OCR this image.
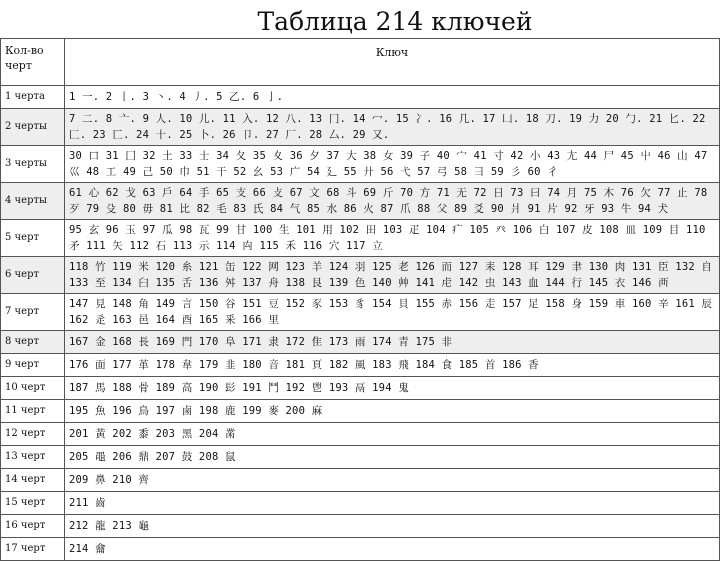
Таблица 214 ключей
Кол-во черт	Ключ
1 черта	1 一. 2 丨. 3 丶. 4 丿. 5 乙. 6 亅.
2 черты	7 二. 8 亠. 9 人. 10 儿. 11 入. 12 八. 13 冂. 14 冖. 15 冫. 16 几. 17 凵. 18 刀. 19 力 20 勹. 21 匕. 22 匚. 23 匸. 24 十. 25 卜. 26 卩. 27 厂. 28 厶. 29 又.
3 черты	30 口 31 囗 32 土 33 士 34 夂 35 夊 36 夕 37 大 38 女 39 子 40 宀 41 寸 42 小 43 尢 44 尸 45 屮 46 山 47 巛 48 工 49 己 50 巾 51 干 52 幺 53 广 54 廴 55 廾 56 弋 57 弓 58 彐 59 彡 60 彳
4 черты	61 心 62 戈 63 戶 64 手 65 支 66 攴 67 文 68 斗 69 斤 70 方 71 无 72 日 73 曰 74 月 75 木 76 欠 77 止 78 歹 79 殳 80 毋 81 比 82 毛 83 氏 84 气 85 水 86 火 87 爪 88 父 89 爻 90 爿 91 片 92 牙 93 牛 94 犬
5 черт	95 玄 96 玉 97 瓜 98 瓦 99 甘 100 生 101 用 102 田 103 疋 104 疒 105 癶 106 白 107 皮 108 皿 109 目 110 矛 111 矢 112 石 113 示 114 禸 115 禾 116 穴 117 立
6 черт	118 竹 119 米 120 糸 121 缶 122 网 123 羊 124 羽 125 老 126 而 127 耒 128 耳 129 聿 130 肉 131 臣 132 自 133 至 134 臼 135 舌 136 舛 137 舟 138 艮 139 色 140 艸 141 虍 142 虫 143 血 144 行 145 衣 146 襾
7 черт	147 見 148 角 149 言 150 谷 151 豆 152 豕 153 豸 154 貝 155 赤 156 走 157 足 158 身 159 車 160 辛 161 辰 162 辵 163 邑 164 酉 165 釆 166 里
8 черт	167 金 168 長 169 門 170 阜 171 隶 172 隹 173 雨 174 青 175 非
9 черт	176 面 177 革 178 韋 179 韭 180 音 181 頁 182 風 183 飛 184 食 185 首 186 香
10 черт	187 馬 188 骨 189 高 190 髟 191 鬥 192 鬯 193 鬲 194 鬼
11 черт	195 魚 196 鳥 197 鹵 198 鹿 199 麥 200 麻
12 черт	201 黃 202 黍 203 黑 204 黹
13 черт	205 黽 206 鼎 207 鼓 208 鼠
14 черт	209 鼻 210 齊
15 черт	211 齒
16 черт	212 龍 213 龜
17 черт	214 龠
